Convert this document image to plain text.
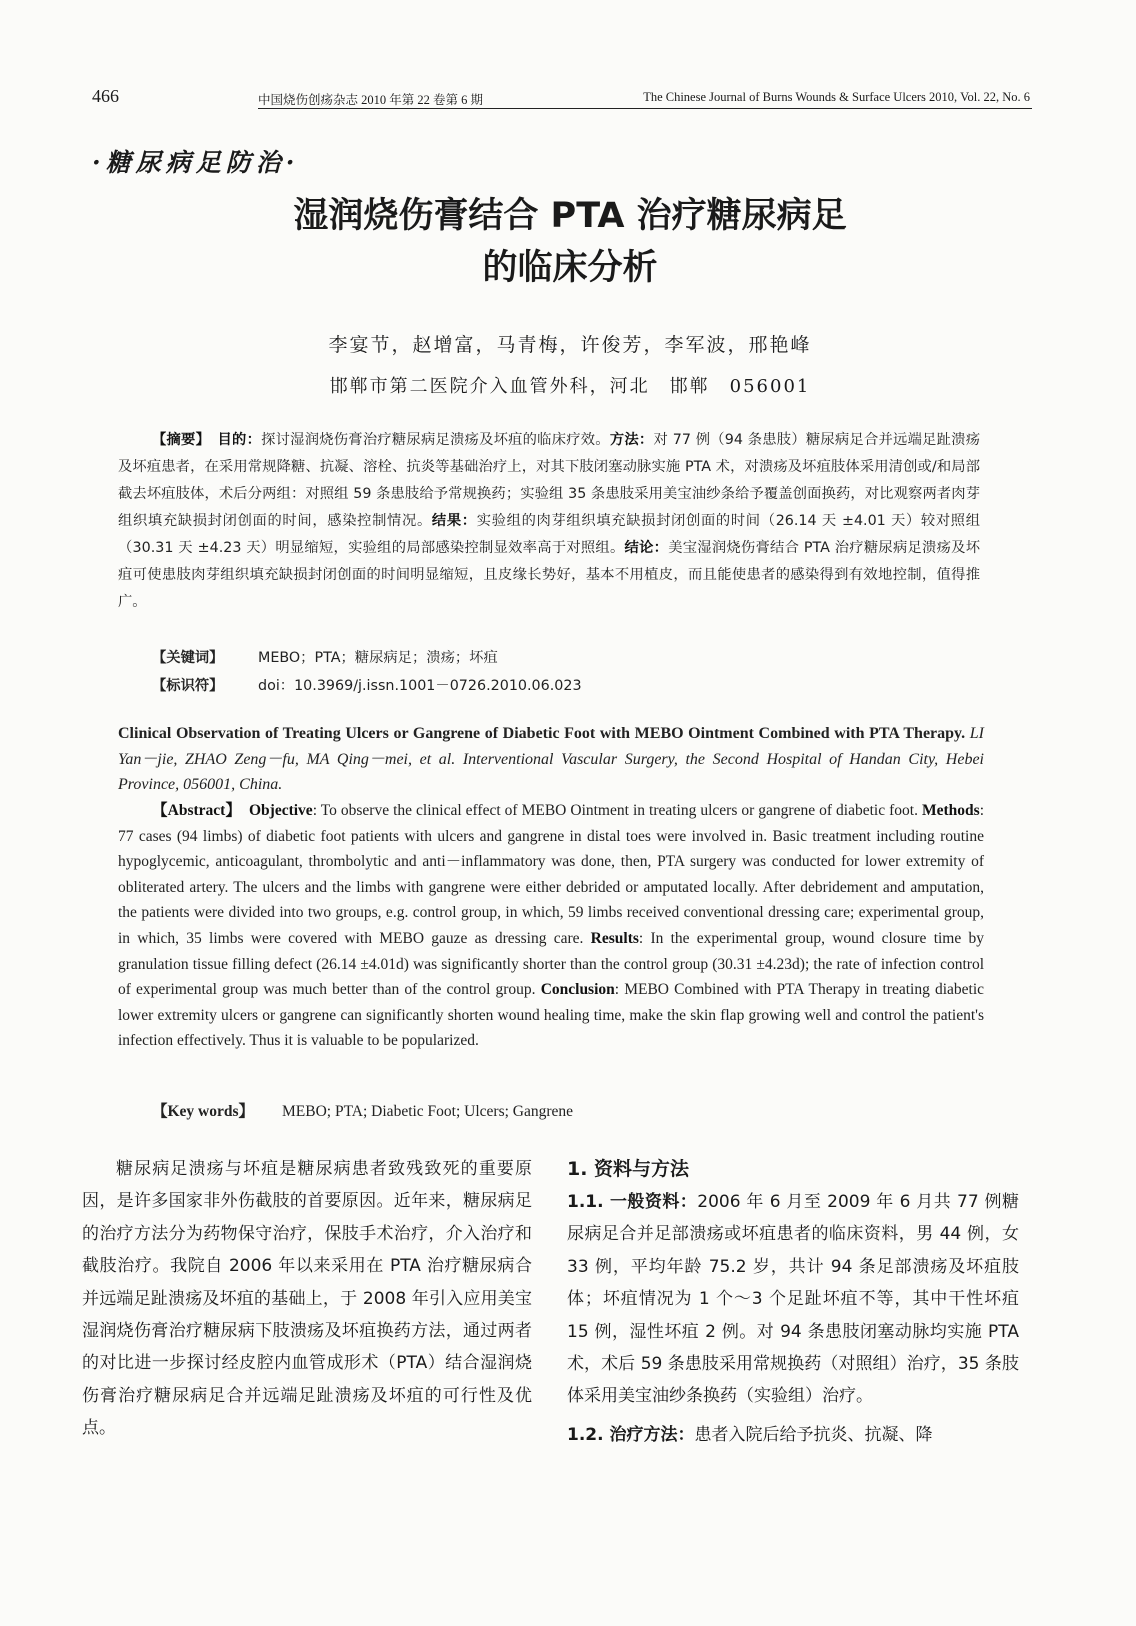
466	中国烧伤创疡杂志 2010 年第 22 卷第 6 期	The Chinese Journal of Burns Wounds & Surface Ulcers 2010, Vol. 22, No. 6
·糖尿病足防治·
湿润烧伤膏结合 PTA 治疗糖尿病足
的临床分析
李宴节，赵增富，马青梅，许俊芳，李军波，邢艳峰
邯郸市第二医院介入血管外科，河北　邯郸　056001
【摘要】　 目的：探讨湿润烧伤膏治疗糖尿病足溃疡及坏疽的临床疗效。方法：对 77 例（94 条患肢）糖尿病足合并远端足趾溃疡及坏疽患者，在采用常规降糖、抗凝、溶栓、抗炎等基础治疗上，对其下肢闭塞动脉实施 PTA 术，对溃疡及坏疽肢体采用清创或/和局部截去坏疽肢体，术后分两组：对照组 59 条患肢给予常规换药；实验组 35 条患肢采用美宝油纱条给予覆盖创面换药，对比观察两者肉芽组织填充缺损封闭创面的时间，感染控制情况。结果：实验组的肉芽组织填充缺损封闭创面的时间（26.14 天 ±4.01 天）较对照组（30.31 天 ±4.23 天）明显缩短，实验组的局部感染控制显效率高于对照组。结论：美宝湿润烧伤膏结合 PTA 治疗糖尿病足溃疡及坏疽可使患肢肉芽组织填充缺损封闭创面的时间明显缩短，且皮缘长势好，基本不用植皮，而且能使患者的感染得到有效地控制，值得推广。
【关键词】 MEBO；PTA；糖尿病足；溃疡；坏疽
【标识符】 doi：10.3969/j.issn.1001－0726.2010.06.023
Clinical Observation of Treating Ulcers or Gangrene of Diabetic Foot with MEBO Ointment Combined with PTA Therapy. LI Yan－jie, ZHAO Zeng－fu, MA Qing－mei, et al. Interventional Vascular Surgery, the Second Hospital of Handan City, Hebei Province, 056001, China.
【Abstract】　 Objective: To observe the clinical effect of MEBO Ointment in treating ulcers or gangrene of diabetic foot. Methods: 77 cases (94 limbs) of diabetic foot patients with ulcers and gangrene in distal toes were involved in. Basic treatment including routine hypoglycemic, anticoagulant, thrombolytic and anti－inflammatory was done, then, PTA surgery was conducted for lower extremity of obliterated artery. The ulcers and the limbs with gangrene were either debrided or amputated locally. After debridement and amputation, the patients were divided into two groups, e.g. control group, in which, 59 limbs received conventional dressing care; experimental group, in which, 35 limbs were covered with MEBO gauze as dressing care. Results: In the experimental group, wound closure time by granulation tissue filling defect (26.14 ±4.01d) was significantly shorter than the control group (30.31 ±4.23d); the rate of infection control of experimental group was much better than of the control group. Conclusion: MEBO Combined with PTA Therapy in treating diabetic lower extremity ulcers or gangrene can significantly shorten wound healing time, make the skin flap growing well and control the patient's infection effectively. Thus it is valuable to be popularized.
【Key words】 MEBO; PTA; Diabetic Foot; Ulcers; Gangrene
糖尿病足溃疡与坏疽是糖尿病患者致残致死的重要原因，是许多国家非外伤截肢的首要原因。近年来，糖尿病足的治疗方法分为药物保守治疗，保肢手术治疗，介入治疗和截肢治疗。我院自 2006 年以来采用在 PTA 治疗糖尿病合并远端足趾溃疡及坏疽的基础上，于 2008 年引入应用美宝湿润烧伤膏治疗糖尿病下肢溃疡及坏疽换药方法，通过两者的对比进一步探讨经皮腔内血管成形术（PTA）结合湿润烧伤膏治疗糖尿病足合并远端足趾溃疡及坏疽的可行性及优点。
1. 资料与方法
1.1. 一般资料：2006 年 6 月至 2009 年 6 月共 77 例糖尿病足合并足部溃疡或坏疽患者的临床资料，男 44 例，女 33 例，平均年龄 75.2 岁，共计 94 条足部溃疡及坏疽肢体；坏疽情况为 1 个～3 个足趾坏疽不等，其中干性坏疽 15 例，湿性坏疽 2 例。对 94 条患肢闭塞动脉均实施 PTA 术，术后 59 条患肢采用常规换药（对照组）治疗，35 条肢体采用美宝油纱条换药（实验组）治疗。
1.2. 治疗方法：患者入院后给予抗炎、抗凝、降
